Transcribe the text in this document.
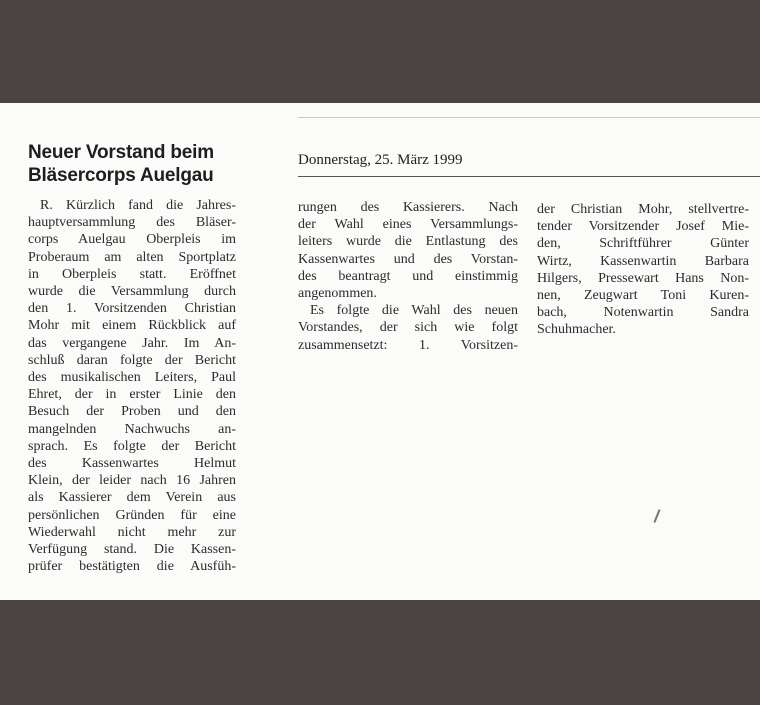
Neuer Vorstand beim
Bläsercorps Auelgau
Donnerstag, 25. März 1999
R. Kürzlich fand die Jahres-
hauptversammlung des Bläser-
corps Auelgau Oberpleis im
Proberaum am alten Sportplatz
in Oberpleis statt. Eröffnet
wurde die Versammlung durch
den 1. Vorsitzenden Christian
Mohr mit einem Rückblick auf
das vergangene Jahr. Im An-
schluß daran folgte der Bericht
des musikalischen Leiters, Paul
Ehret, der in erster Linie den
Besuch der Proben und den
mangelnden Nachwuchs an-
sprach. Es folgte der Bericht
des Kassenwartes Helmut
Klein, der leider nach 16 Jahren
als Kassierer dem Verein aus
persönlichen Gründen für eine
Wiederwahl nicht mehr zur
Verfügung stand. Die Kassen-
prüfer bestätigten die Ausfüh-
rungen des Kassierers. Nach
der Wahl eines Versammlungs-
leiters wurde die Entlastung des
Kassenwartes und des Vorstan-
des beantragt und einstimmig
angenommen.
Es folgte die Wahl des neuen
Vorstandes, der sich wie folgt
zusammensetzt: 1. Vorsitzen-
der Christian Mohr, stellvertre-
tender Vorsitzender Josef Mie-
den, Schriftführer Günter
Wirtz, Kassenwartin Barbara
Hilgers, Pressewart Hans Non-
nen, Zeugwart Toni Kuren-
bach, Notenwartin Sandra
Schuhmacher.
